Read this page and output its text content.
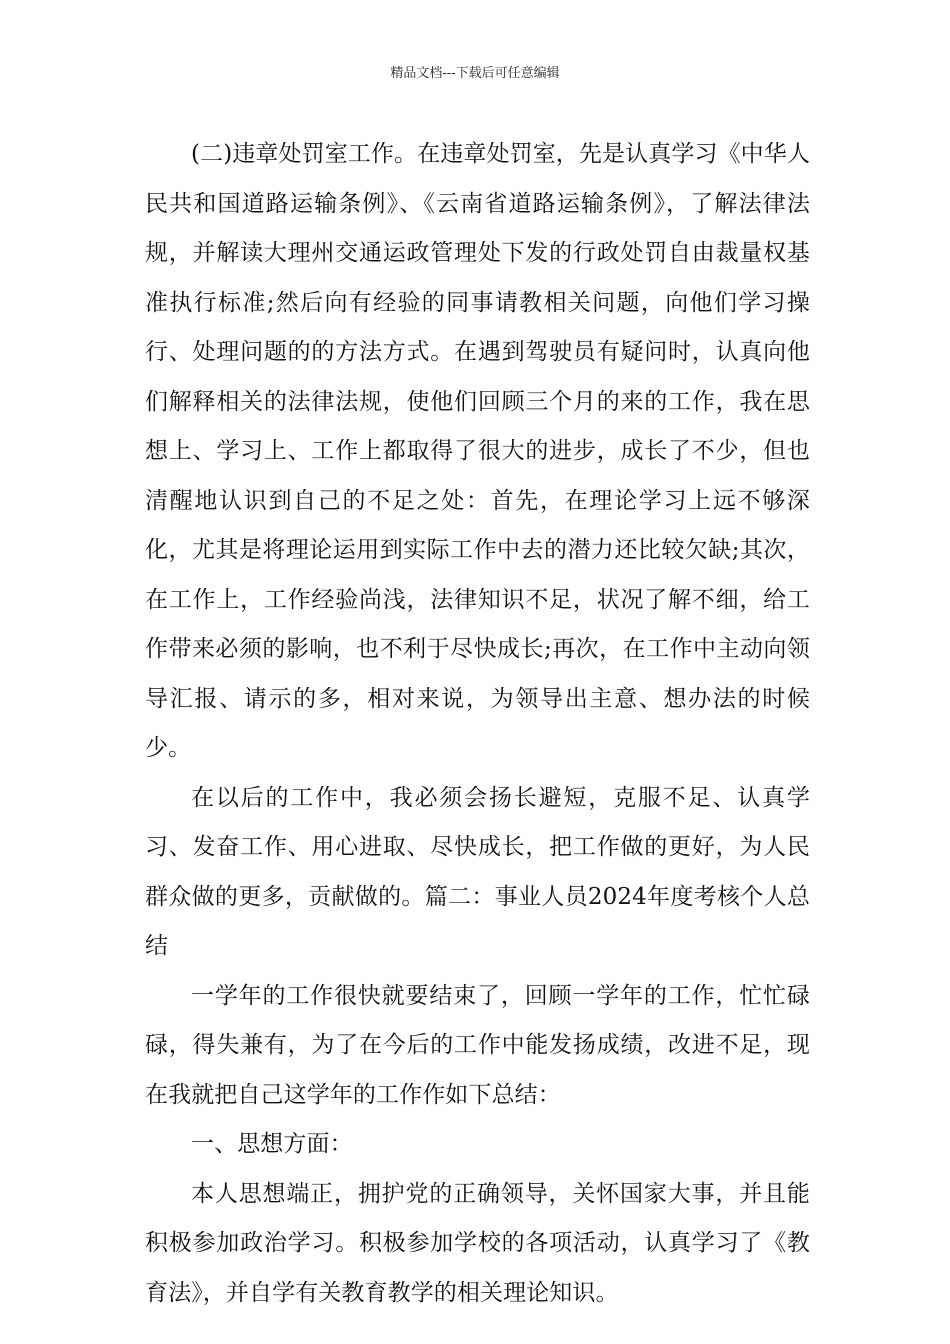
精品文档---下载后可任意编辑

(二)违章处罚室工作。在违章处罚室，先是认真学习《中华人民共和国道路运输条例》、《云南省道路运输条例》，了解法律法规，并解读大理州交通运政管理处下发的行政处罚自由裁量权基准执行标准;然后向有经验的同事请教相关问题，向他们学习操行、处理问题的的方法方式。在遇到驾驶员有疑问时，认真向他们解释相关的法律法规，使他们回顾三个月的来的工作，我在思想上、学习上、工作上都取得了很大的进步，成长了不少，但也清醒地认识到自己的不足之处：首先，在理论学习上远不够深化，尤其是将理论运用到实际工作中去的潜力还比较欠缺;其次，在工作上，工作经验尚浅，法律知识不足，状况了解不细，给工作带来必须的影响，也不利于尽快成长;再次，在工作中主动向领导汇报、请示的多，相对来说，为领导出主意、想办法的时候少。

在以后的工作中，我必须会扬长避短，克服不足、认真学习、发奋工作、用心进取、尽快成长，把工作做的更好，为人民群众做的更多，贡献做的。篇二：事业人员2024年度考核个人总结

一学年的工作很快就要结束了，回顾一学年的工作，忙忙碌碌，得失兼有，为了在今后的工作中能发扬成绩，改进不足，现在我就把自己这学年的工作作如下总结：

一、思想方面：

本人思想端正，拥护党的正确领导，关怀国家大事，并且能积极参加政治学习。积极参加学校的各项活动，认真学习了《教育法》，并自学有关教育教学的相关理论知识。
